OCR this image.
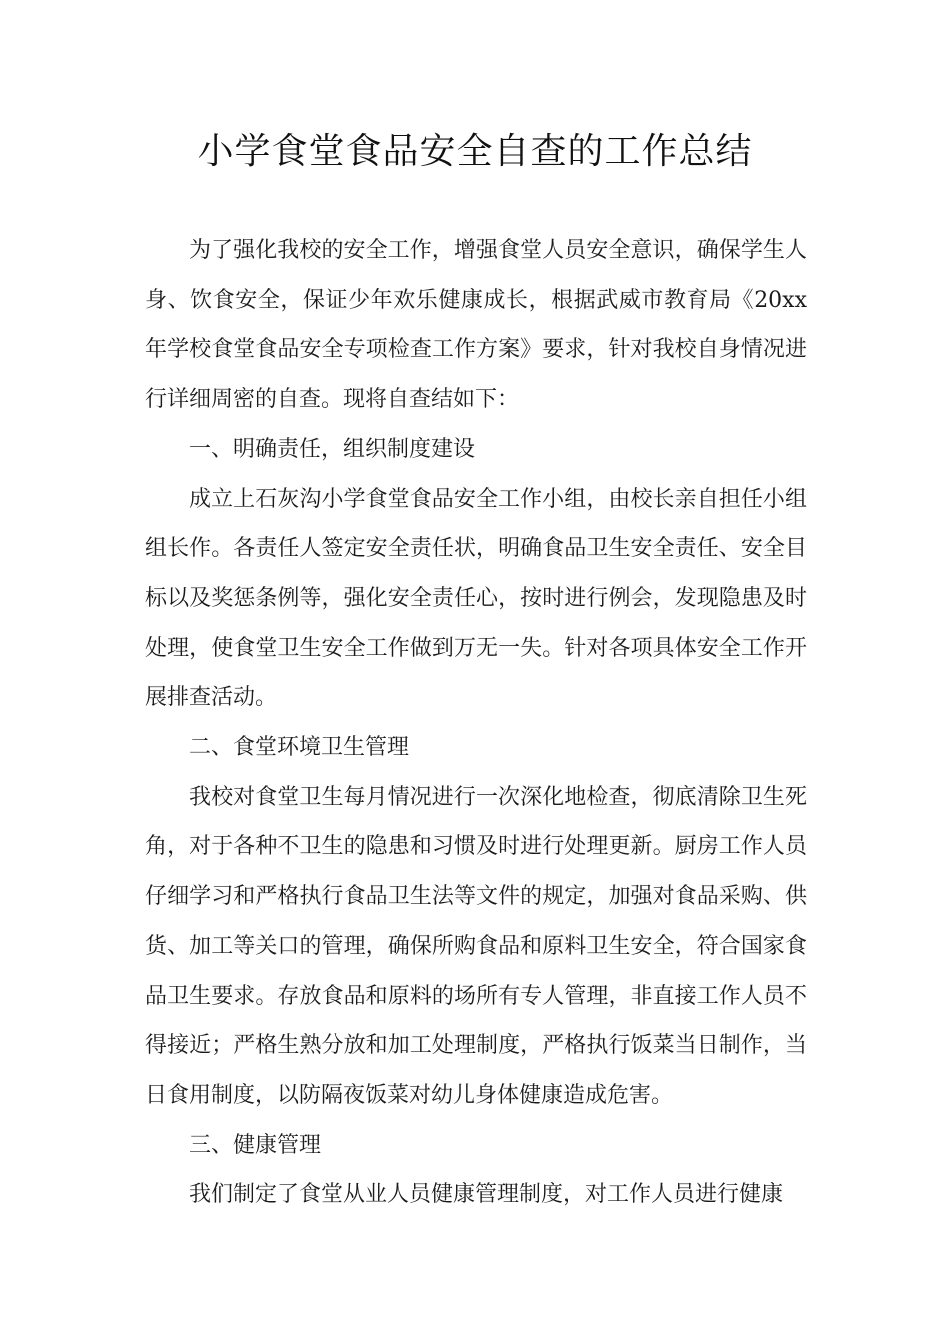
小学食堂食品安全自查的工作总结

为了强化我校的安全工作，增强食堂人员安全意识，确保学生人身、饮食安全，保证少年欢乐健康成长，根据武威市教育局《20xx年学校食堂食品安全专项检查工作方案》要求，针对我校自身情况进行详细周密的自查。现将自查结如下：

一、明确责任，组织制度建设

成立上石灰沟小学食堂食品安全工作小组，由校长亲自担任小组组长作。各责任人签定安全责任状，明确食品卫生安全责任、安全目标以及奖惩条例等，强化安全责任心，按时进行例会，发现隐患及时处理，使食堂卫生安全工作做到万无一失。针对各项具体安全工作开展排查活动。

二、食堂环境卫生管理

我校对食堂卫生每月情况进行一次深化地检查，彻底清除卫生死角，对于各种不卫生的隐患和习惯及时进行处理更新。厨房工作人员仔细学习和严格执行食品卫生法等文件的规定，加强对食品采购、供货、加工等关口的管理，确保所购食品和原料卫生安全，符合国家食品卫生要求。存放食品和原料的场所有专人管理，非直接工作人员不得接近；严格生熟分放和加工处理制度，严格执行饭菜当日制作，当日食用制度，以防隔夜饭菜对幼儿身体健康造成危害。

三、健康管理

我们制定了食堂从业人员健康管理制度，对工作人员进行健康
